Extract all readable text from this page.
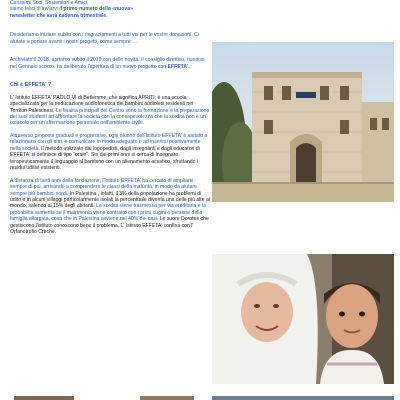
Carissimi Soci, Sostenitori e Amici,
siamo felici di inviarvi il primo numero della «nuova»
newsletter che avrà cadenza trimestrale.

Desideriamo iniziare subito con i ringraziamenti a tutti voi per le vostre donazioni. Ci aiutate a portare avanti i nostri progetti, come sempre …

Archiviato il 2018, apriamo subito il 2019 con delle novità. Il consiglio direttivo, riunitosi nel Gennaio scorso, ha deliberato l'apertura di un nuovo progetto con EFFETA'.

Chi è EFFETA' ?

L' Istituto EFFETA' PAOLO VI di Betlemme, che significa APRITI, è una scuola specializzata per la rieducazione audiofonetica dei bambini audiolesi residenti nei Territori Palestinesi. Le finalità principali del Centro sono la formazione e la preparazione dei suoi studenti ad affrontare la società con la consapevolezza che la sordità non è un ostacolo per un'affermazione personale nell'ambiente civile.

Attraverso proposte graduali e progressive, ogni alunno dell'Istituto EFFETA' è aiutato a relazionarsi con gli altri, e comunicare in modo adeguato e ad inserirsi positivamente nella società. Il metodo utilizzato dai logopedisti, dagli insegnanti e dagli educatori di EFFETA' si definisce di tipo "orale". Sin dai primi anni si cerca di insegnare terapeuticamente il linguaggio al bambino con un allenamento acustico, sfruttando i residui uditivi esistenti.

A distanza di tanti anni dalla fondazione, l'Istituto EFFETA' ha cercato di ampliarsi sempre di più, arrivando a comprendere le classi della maturità, in modo da aiutare sempre più bambini sordi. In Palestina , infatti, il 3% della popolazione ha problemi di udito e in alcuni villaggi particolarmente isolati la percentuale diventa una delle più alte al mondo, salendo al 15% degli abitanti. La sordità viene trasmessa per via ereditaria e la probabilità aumenta se il matrimonio viene contratto con i primi cugini o persone della famiglia allargata, cosa che in Palestina avviene nel 40% dei casi. Le suore Dorotee che gestiscono l'istituto conoscono bene il problema. L' Istituto EFFETA' confina con l' Orfanotrofio Crèche.
